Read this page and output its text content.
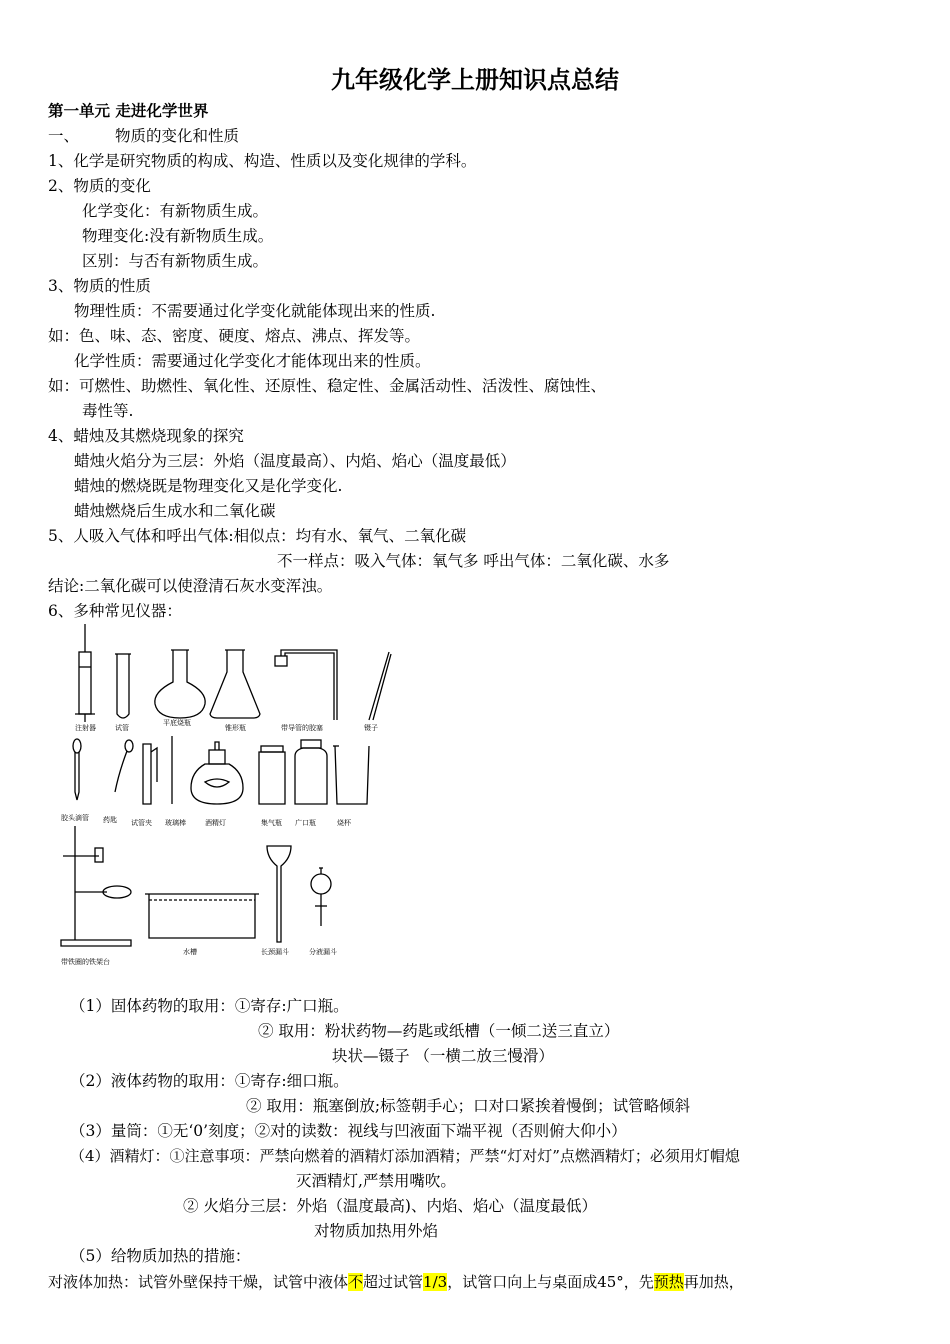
九年级化学上册知识点总结
第一单元 走进化学世界
一、 物质的变化和性质
1、化学是研究物质的构成、构造、性质以及变化规律的学科。
2、物质的变化
化学变化：有新物质生成。
物理变化:没有新物质生成。
区别：与否有新物质生成。
3、物质的性质
物理性质：不需要通过化学变化就能体现出来的性质.
如：色、味、态、密度、硬度、熔点、沸点、挥发等。
化学性质：需要通过化学变化才能体现出来的性质。
如：可燃性、助燃性、氧化性、还原性、稳定性、金属活动性、活泼性、腐蚀性、
毒性等.
4、蜡烛及其燃烧现象的探究
蜡烛火焰分为三层：外焰（温度最高）、内焰、焰心（温度最低）
蜡烛的燃烧既是物理变化又是化学变化.
蜡烛燃烧后生成水和二氧化碳
5、人吸入气体和呼出气体:相似点：均有水、氧气、二氧化碳
不一样点：吸入气体：氧气多 呼出气体：二氧化碳、水多
结论:二氧化碳可以使澄清石灰水变浑浊。
6、多种常见仪器：
注射器	试管
平底烧瓶
锥形瓶	带导管的胶塞	镊子
胶头滴管 药匙 试管夹 玻璃棒	酒精灯	集气瓶 广口瓶	烧杯
带铁圈的铁架台
水槽	长颈漏斗	分液漏斗
（1）固体药物的取用：①寄存:广口瓶。
② 取用：粉状药物—药匙或纸槽（一倾二送三直立）
块状—镊子 （一横二放三慢滑）
（2）液体药物的取用：①寄存:细口瓶。
② 取用：瓶塞倒放;标签朝手心；口对口紧挨着慢倒；试管略倾斜
（3）量筒：①无‘0’刻度；②对的读数：视线与凹液面下端平视（否则俯大仰小）
（4）酒精灯：①注意事项：严禁向燃着的酒精灯添加酒精；严禁“灯对灯”点燃酒精灯；必须用灯帽熄
灭酒精灯,严禁用嘴吹。
② 火焰分三层：外焰（温度最高)、内焰、焰心（温度最低）
对物质加热用外焰
（5）给物质加热的措施：
对液体加热：试管外壁保持干燥，试管中液体不超过试管1/3，试管口向上与桌面成45°，先预热再加热，
